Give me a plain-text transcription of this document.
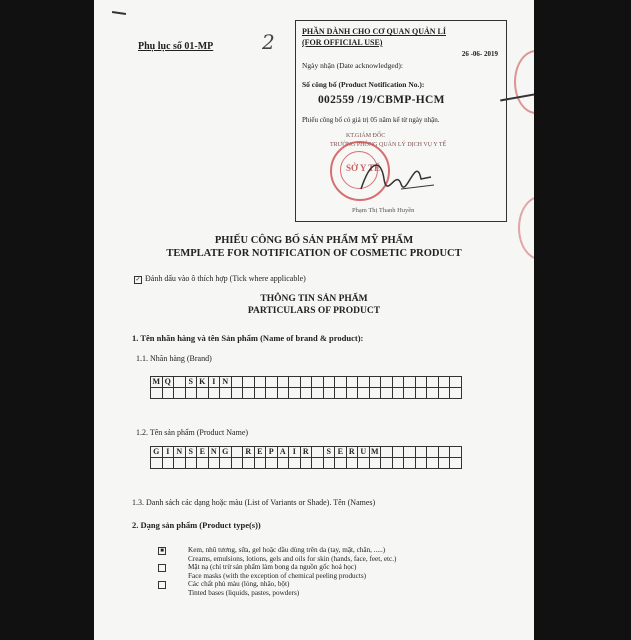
Phụ lục số 01-MP 2	PHẦN DÀNH CHO CƠ QUAN QUẢN LÍ
(FOR OFFICIAL USE)
26 -06- 2019
Ngày nhận (Date acknowledged):
Số công bố (Product Notification No.):
002559 /19/CBMP-HCM
Phiếu công bố có giá trị 05 năm kể từ ngày nhận.
KT.GIÁM ĐỐC
TRƯỞNG PHÒNG QUẢN LÝ DỊCH VỤ Y TẾ
SỞ Y TẾ
Phạm Thị Thanh Huyền
PHIẾU CÔNG BỐ SẢN PHẨM MỸ PHẨM
TEMPLATE FOR NOTIFICATION OF COSMETIC PRODUCT
✓ Đánh dấu vào ô thích hợp (Tick where applicable)
THÔNG TIN SẢN PHẨM
PARTICULARS OF PRODUCT
1. Tên nhãn hàng và tên Sản phẩm (Name of brand & product):
1.1. Nhãn hàng (Brand)
M	Q		S	K	I	N																				

1.2. Tên sản phẩm (Product Name)
G	I	N	S	E	N	G		R	E	P	A	I	R		S	E	R	U	M							

1.3. Danh sách các dạng hoặc màu (List of Variants or Shade). Tên (Names)
2. Dạng sản phẩm (Product type(s))
■	Kem, nhũ tương, sữa, gel hoặc dầu dùng trên da (tay, mặt, chân, .....)
Creams, emulsions, lotions, gels and oils for skin (hands, face, feet, etc.)
Mặt nạ (chỉ trừ sản phẩm làm bong da nguồn gốc hoá học)
Face masks (with the exception of chemical peeling products)
Các chất phủ màu (lỏng, nhão, bột)
Tinted bases (liquids, pastes, powders)
